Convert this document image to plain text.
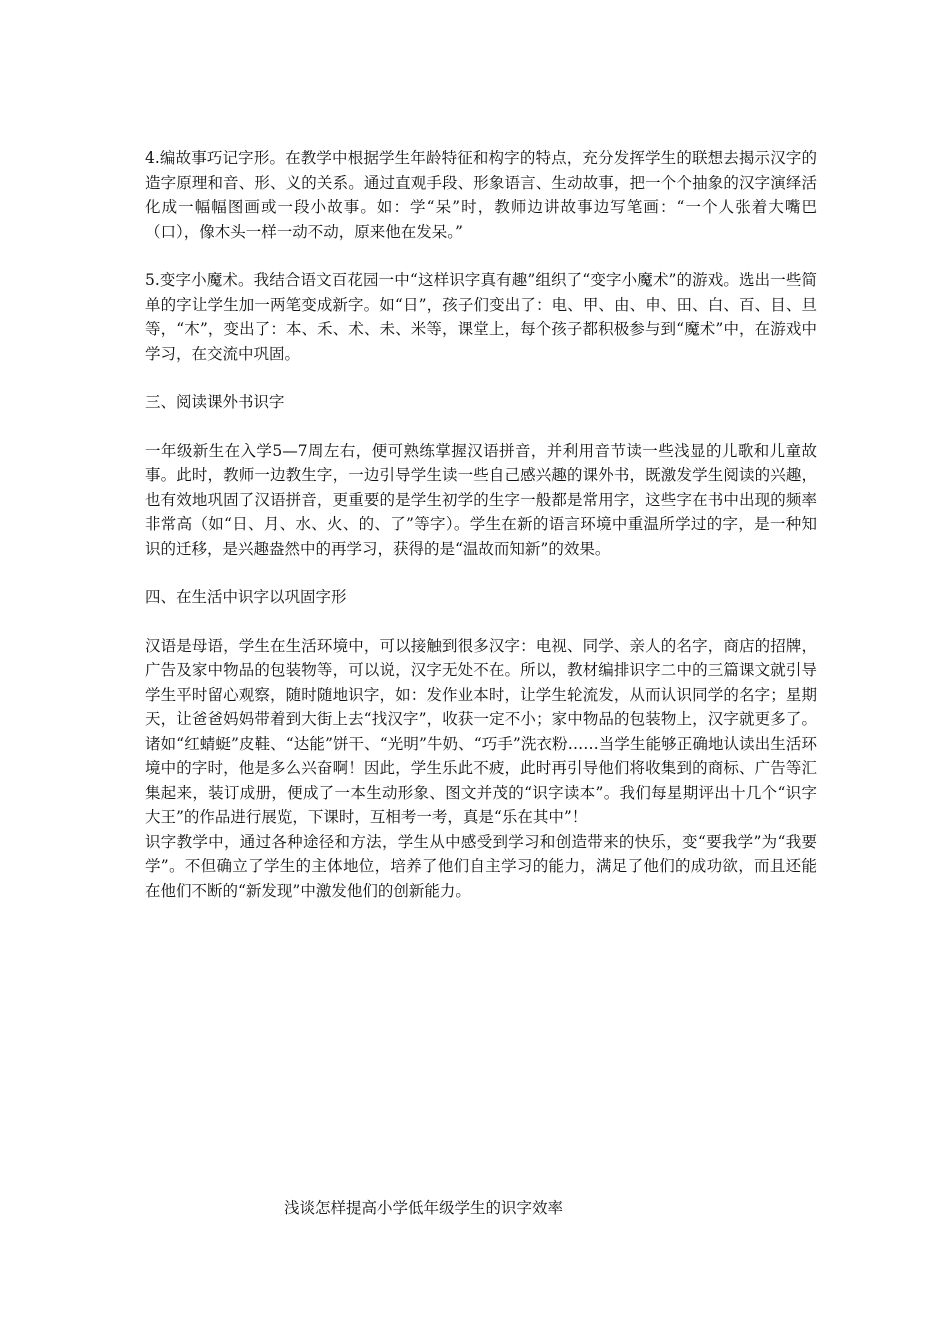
4.编故事巧记字形。在教学中根据学生年龄特征和构字的特点，充分发挥学生的联想去揭示汉字的造字原理和音、形、义的关系。通过直观手段、形象语言、生动故事，把一个个抽象的汉字演绎活化成一幅幅图画或一段小故事。如：学“呆”时，教师边讲故事边写笔画：“一个人张着大嘴巴（口），像木头一样一动不动，原来他在发呆。”

5.变字小魔术。我结合语文百花园一中“这样识字真有趣”组织了“变字小魔术”的游戏。选出一些简单的字让学生加一两笔变成新字。如“日”，孩子们变出了：电、甲、由、申、田、白、百、目、旦等，“木”，变出了：本、禾、术、未、米等，课堂上，每个孩子都积极参与到“魔术”中，在游戏中学习，在交流中巩固。

三、阅读课外书识字

一年级新生在入学5—7周左右，便可熟练掌握汉语拼音，并利用音节读一些浅显的儿歌和儿童故事。此时，教师一边教生字，一边引导学生读一些自己感兴趣的课外书，既激发学生阅读的兴趣，也有效地巩固了汉语拼音，更重要的是学生初学的生字一般都是常用字，这些字在书中出现的频率非常高（如“日、月、水、火、的、了”等字）。学生在新的语言环境中重温所学过的字，是一种知识的迁移，是兴趣盎然中的再学习，获得的是“温故而知新”的效果。

四、在生活中识字以巩固字形

汉语是母语，学生在生活环境中，可以接触到很多汉字：电视、同学、亲人的名字，商店的招牌，广告及家中物品的包装物等，可以说，汉字无处不在。所以，教材编排识字二中的三篇课文就引导学生平时留心观察，随时随地识字，如：发作业本时，让学生轮流发，从而认识同学的名字；星期天，让爸爸妈妈带着到大街上去“找汉字”，收获一定不小；家中物品的包装物上，汉字就更多了。诸如“红蜻蜓”皮鞋、“达能”饼干、“光明”牛奶、“巧手”洗衣粉……当学生能够正确地认读出生活环境中的字时，他是多么兴奋啊！因此，学生乐此不疲，此时再引导他们将收集到的商标、广告等汇集起来，装订成册，便成了一本生动形象、图文并茂的“识字读本”。我们每星期评出十几个“识字大王”的作品进行展览，下课时，互相考一考，真是“乐在其中”！

识字教学中，通过各种途径和方法，学生从中感受到学习和创造带来的快乐，变“要我学”为“我要学”。不但确立了学生的主体地位，培养了他们自主学习的能力，满足了他们的成功欲，而且还能在他们不断的“新发现”中激发他们的创新能力。

浅谈怎样提高小学低年级学生的识字效率
